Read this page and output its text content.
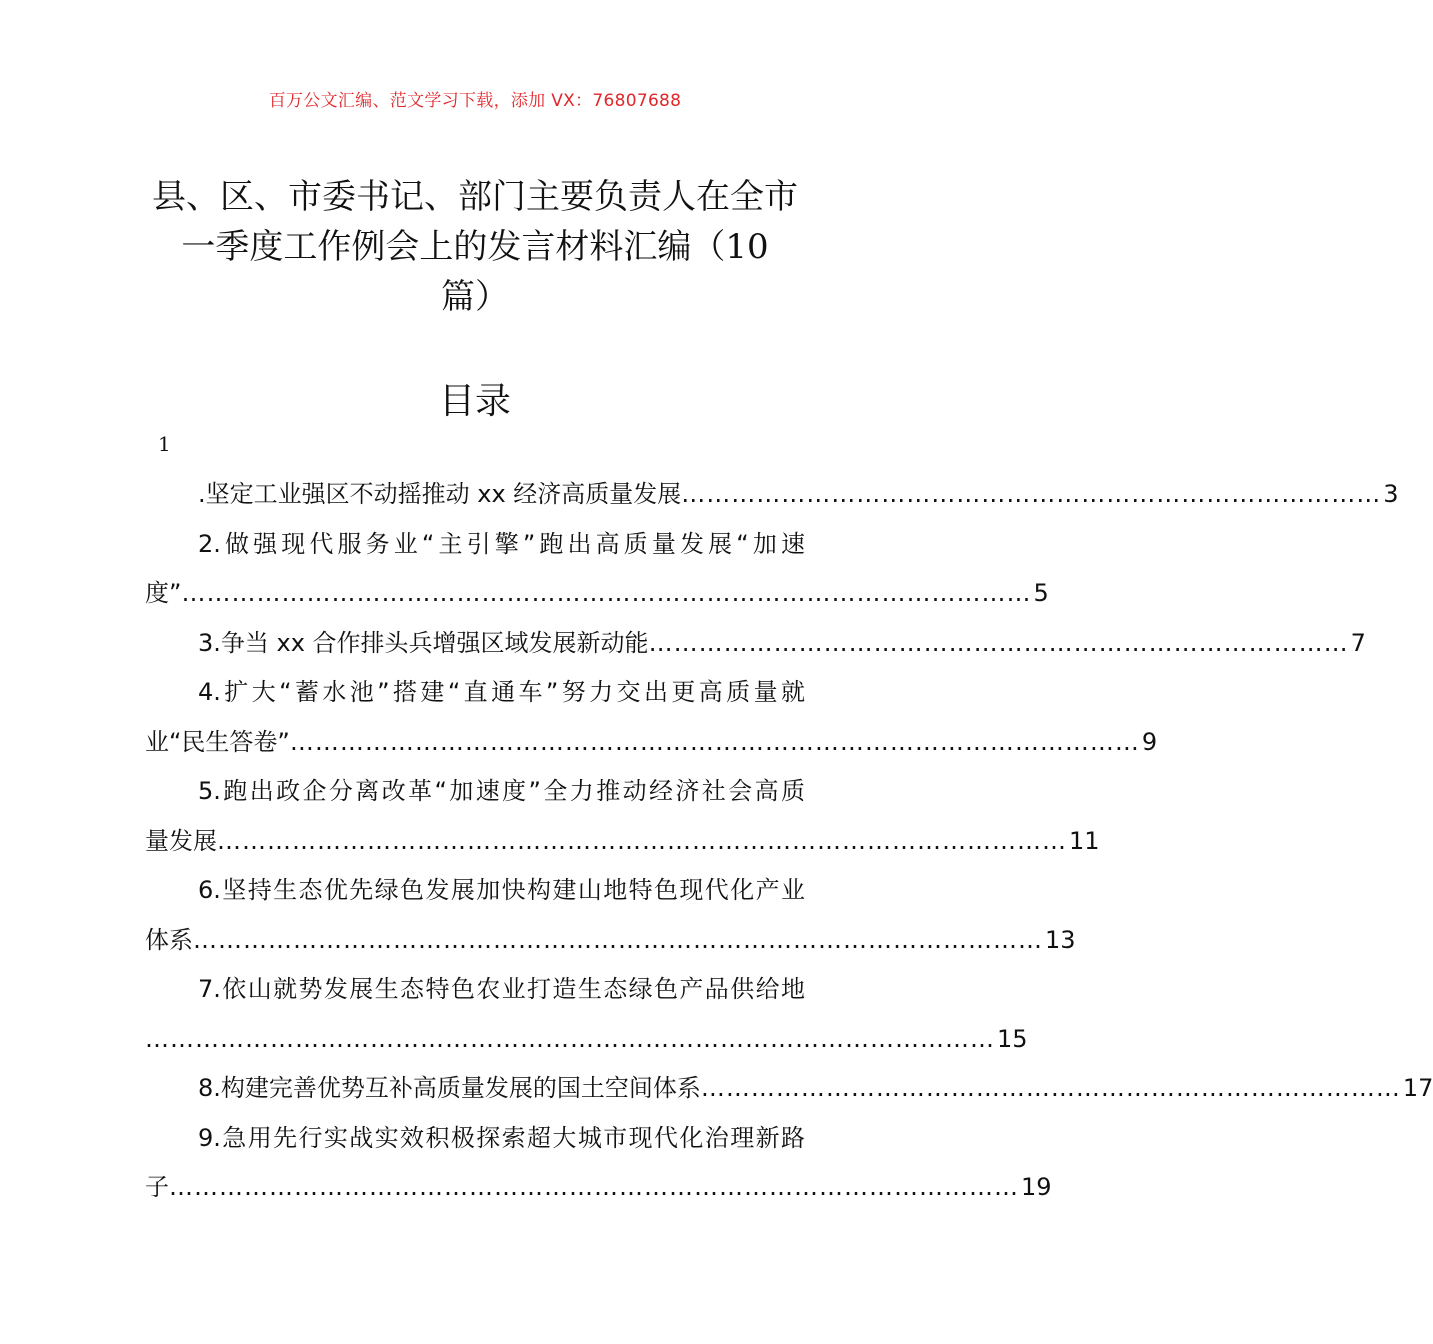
百万公文汇编、范文学习下载，添加 VX：76807688
县、区、市委书记、部门主要负责人在全市一季度工作例会上的发言材料汇编（10
篇）
目录
1
.坚定工业强区不动摇推动 xx 经济高质量发展 ………………………………………………………………………… 3
2.做强现代服务业“主引擎”跑出高质量发展“加速
度” ………………………………………………………………………………………… 5
3.争当 xx 合作排头兵增强区域发展新动能 ………………………………………………………………………… 7
4.扩大“蓄水池”搭建“直通车”努力交出更高质量就
业“民生答卷” ………………………………………………………………………………………… 9
5.跑出政企分离改革“加速度”全力推动经济社会高质
量发展 ………………………………………………………………………………………… 11
6.坚持生态优先绿色发展加快构建山地特色现代化产业
体系 ………………………………………………………………………………………… 13
7.依山就势发展生态特色农业打造生态绿色产品供给地
………………………………………………………………………………………… 15
8.构建完善优势互补高质量发展的国土空间体系 ………………………………………………………………………… 17
9.急用先行实战实效积极探索超大城市现代化治理新路
子 ………………………………………………………………………………………… 19
